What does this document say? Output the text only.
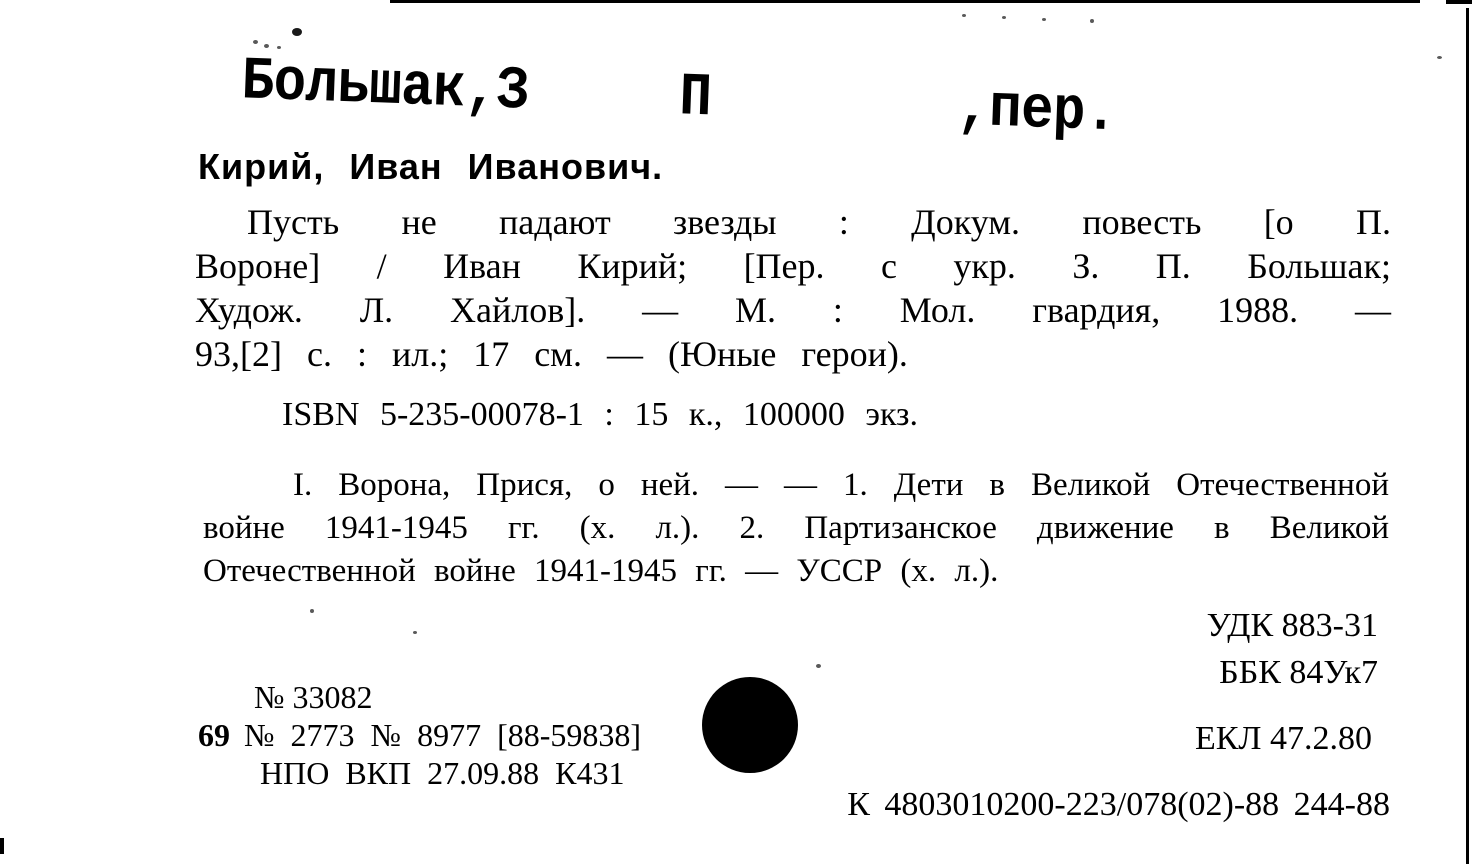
Большак,З	П	,пер.
Кирий, Иван Иванович.
Пусть не падают звезды : Докум. повесть [о П.
Вороне] / Иван Кирий; [Пер. с укр. З. П. Большак;
Худож. Л. Хайлов]. — М. : Мол. гвардия, 1988. —
93,[2] с. : ил.; 17 см. — (Юные герои).
ISBN 5-235-00078-1 : 15 к., 100000 экз.
I. Ворона, Прися, о ней. — — 1. Дети в Великой Отечественной
войне 1941-1945 гг. (х. л.). 2. Партизанское движение в Великой
Отечественной войне 1941-1945 гг. — УССР (х. л.).
УДК 883-31
ББК 84Ук7
ЕКЛ 47.2.80
№ 33082
69 № 2773 № 8977 [88-59838]
НПО ВКП 27.09.88 К431
К 4803010200-223/078(02)-88 244-88
